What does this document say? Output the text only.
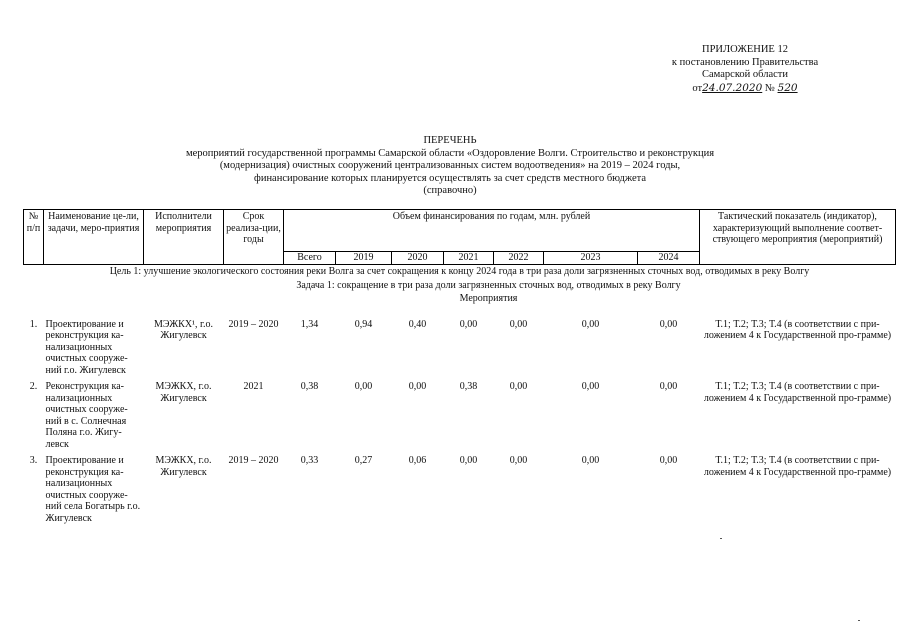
ПРИЛОЖЕНИЕ 12
к постановлению Правительства
Самарской области
от24.07.2020 № 520
ПЕРЕЧЕНЬ
мероприятий государственной программы Самарской области «Оздоровление Волги. Строительство и реконструкция
(модернизация) очистных сооружений централизованных систем водоотведения» на 2019 – 2024 годы,
финансирование которых планируется осуществлять за счет средств местного бюджета
(справочно)
№ п/п	Наименование це-ли, задачи, меро-приятия	Исполнители мероприятия	Срок реализа-ции, годы	Объем финансирования по годам, млн. рублей							Тактический показатель (индикатор), характеризующий выполнение соответ-ствующего мероприятия (мероприятий)
				Всего	2019	2020	2021	2022	2023	2024	
Цель 1: улучшение экологического состояния реки Волга за счет сокращения к концу 2024 года в три раза доли загрязненных сточных вод, отводимых в реку Волгу											
Задача 1: сокращение в три раза доли загрязненных сточных вод, отводимых в реку Волгу											
Мероприятия											
1.	Проектирование и реконструкция ка-нализационных очистных сооруже-ний г.о. Жигулевск	МЭЖКХ¹, г.о. Жигулевск	2019 – 2020	1,34	0,94	0,40	0,00	0,00	0,00	0,00	Т.1; Т.2; Т.3; Т.4 (в соответствии с при-ложением 4 к Государственной про-грамме)
2.	Реконструкция ка-нализационных очистных сооруже-ний в с. Солнечная Поляна г.о. Жигу-левск	МЭЖКХ, г.о. Жигулевск	2021	0,38	0,00	0,00	0,38	0,00	0,00	0,00	Т.1; Т.2; Т.3; Т.4 (в соответствии с при-ложением 4 к Государственной про-грамме)
3.	Проектирование и реконструкция ка-нализационных очистных сооруже-ний села Богатырь г.о. Жигулевск	МЭЖКХ, г.о. Жигулевск	2019 – 2020	0,33	0,27	0,06	0,00	0,00	0,00	0,00	Т.1; Т.2; Т.3; Т.4 (в соответствии с при-ложением 4 к Государственной про-грамме)
